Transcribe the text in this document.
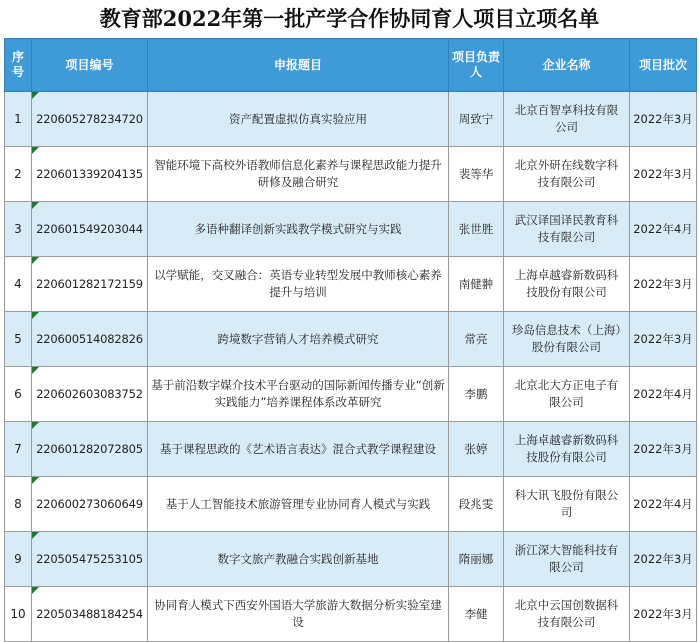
教育部2022年第一批产学合作协同育人项目立项名单
序号	项目编号	申报题目	项目负责人	企业名称	项目批次
1	220605278234720	资产配置虚拟仿真实验应用	周致宁	北京百智享科技有限公司	2022年3月
2	220601339204135	智能环境下高校外语教师信息化素养与课程思政能力提升研修及融合研究	裴等华	北京外研在线数字科技有限公司	2022年3月
3	220601549203044	多语种翻译创新实践教学模式研究与实践	张世胜	武汉译国译民教育科技有限公司	2022年4月
4	220601282172159	以学赋能，交叉融合：英语专业转型发展中教师核心素养提升与培训	南健翀	上海卓越睿新数码科技股份有限公司	2022年3月
5	220600514082826	跨境数字营销人才培养模式研究	常亮	珍岛信息技术（上海）股份有限公司	2022年3月
6	220602603083752	基于前沿数字媒介技术平台驱动的国际新闻传播专业“创新实践能力”培养课程体系改革研究	李鹏	北京北大方正电子有限公司	2022年4月
7	220601282072805	基于课程思政的《艺术语言表达》混合式教学课程建设	张婷	上海卓越睿新数码科技股份有限公司	2022年3月
8	220600273060649	基于人工智能技术旅游管理专业协同育人模式与实践	段兆雯	科大讯飞股份有限公司	2022年4月
9	220505475253105	数字文旅产教融合实践创新基地	隋丽娜	浙江深大智能科技有限公司	2022年3月
10	220503488184254	协同育人模式下西安外国语大学旅游大数据分析实验室建设	李健	北京中云国创数据科技有限公司	2022年3月
